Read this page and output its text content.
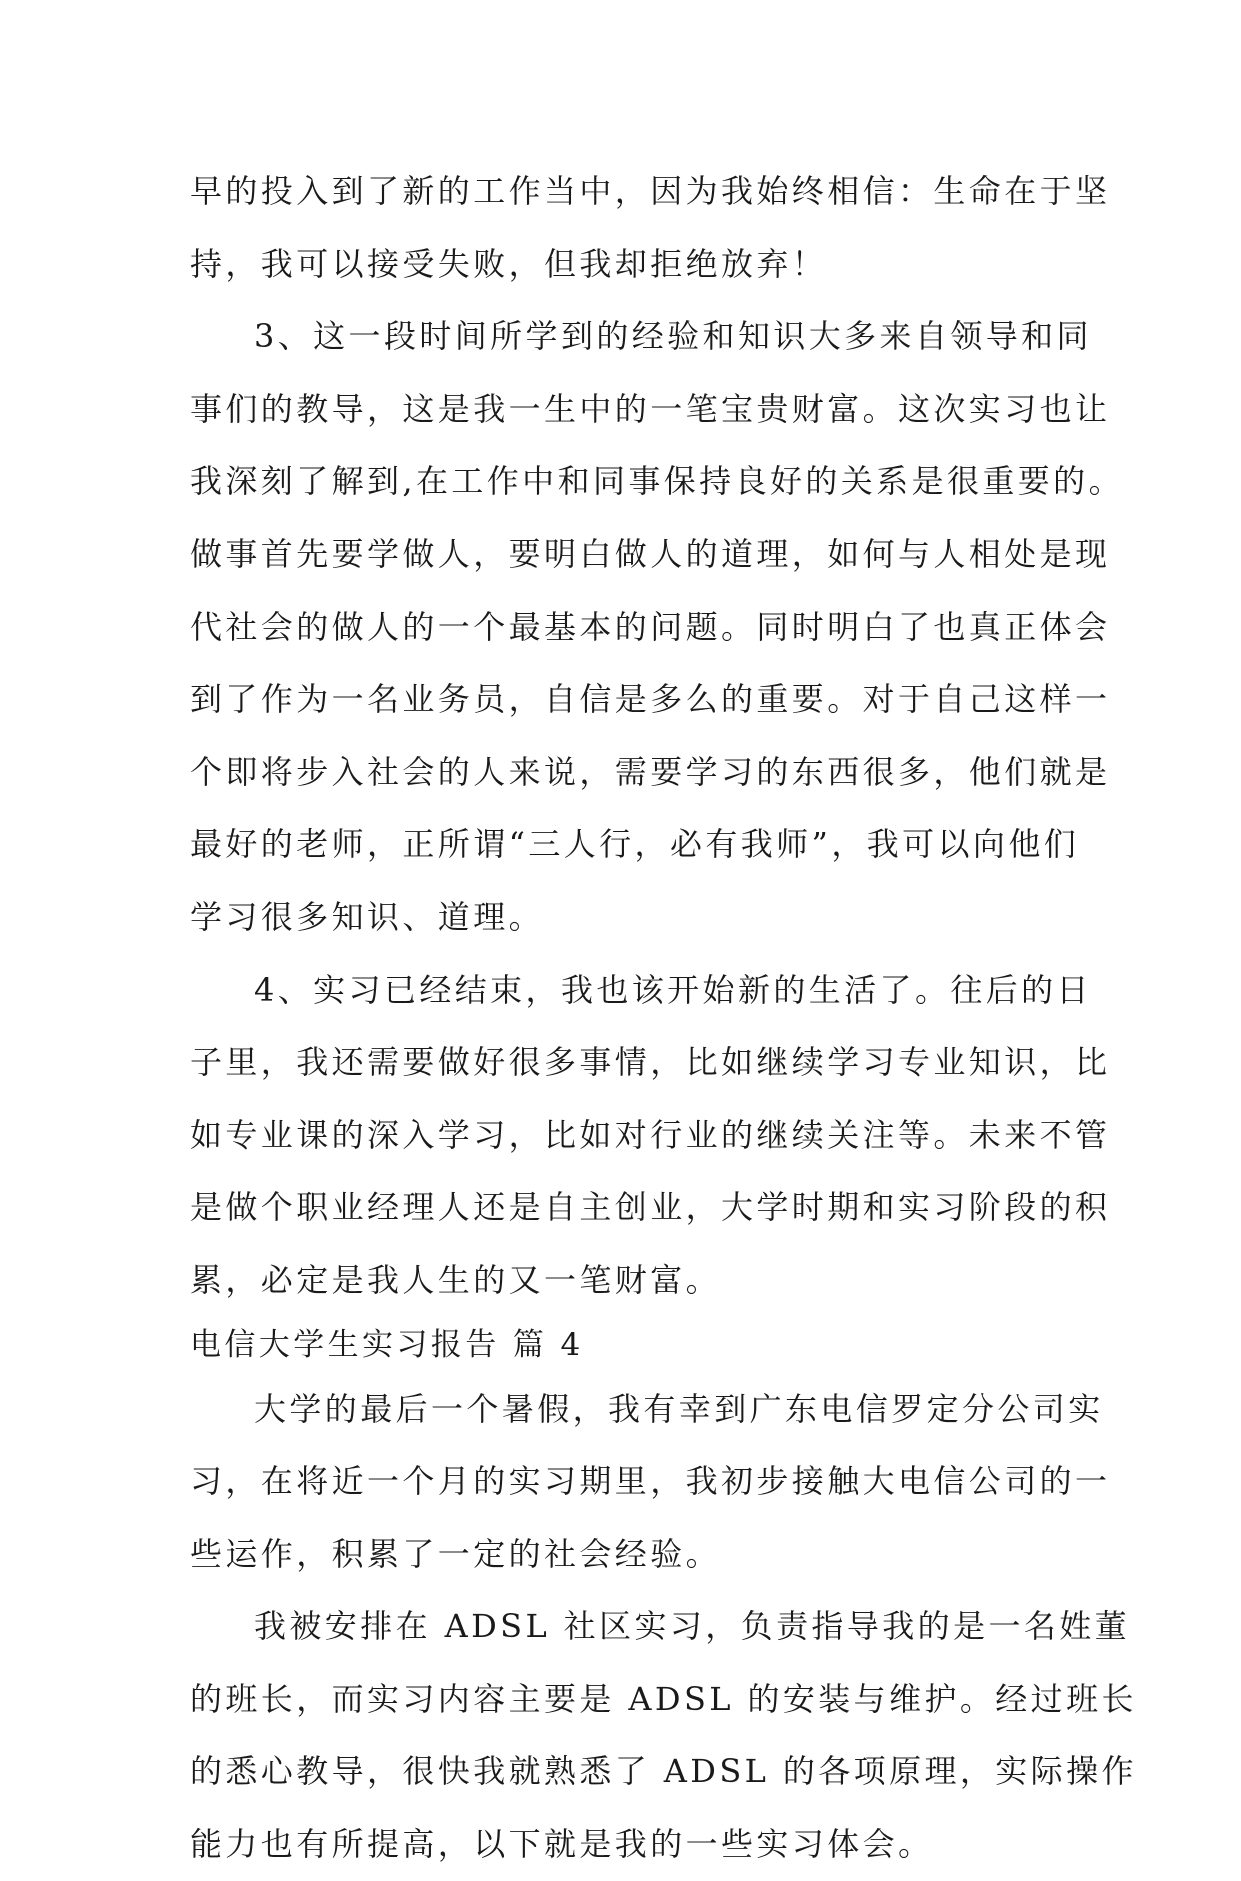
早的投入到了新的工作当中，因为我始终相信：生命在于坚
持，我可以接受失败，但我却拒绝放弃！
3、这一段时间所学到的经验和知识大多来自领导和同
事们的教导，这是我一生中的一笔宝贵财富。这次实习也让
我深刻了解到,在工作中和同事保持良好的关系是很重要的。
做事首先要学做人，要明白做人的道理，如何与人相处是现
代社会的做人的一个最基本的问题。同时明白了也真正体会
到了作为一名业务员，自信是多么的重要。对于自己这样一
个即将步入社会的人来说，需要学习的东西很多，他们就是
最好的老师，正所谓“三人行，必有我师”，我可以向他们
学习很多知识、道理。
4、实习已经结束，我也该开始新的生活了。往后的日
子里，我还需要做好很多事情，比如继续学习专业知识，比
如专业课的深入学习，比如对行业的继续关注等。未来不管
是做个职业经理人还是自主创业，大学时期和实习阶段的积
累，必定是我人生的又一笔财富。
电信大学生实习报告 篇 4
大学的最后一个暑假，我有幸到广东电信罗定分公司实
习，在将近一个月的实习期里，我初步接触大电信公司的一
些运作，积累了一定的社会经验。
我被安排在 ADSL 社区实习，负责指导我的是一名姓董
的班长，而实习内容主要是 ADSL 的安装与维护。经过班长
的悉心教导，很快我就熟悉了 ADSL 的各项原理，实际操作
能力也有所提高，以下就是我的一些实习体会。
